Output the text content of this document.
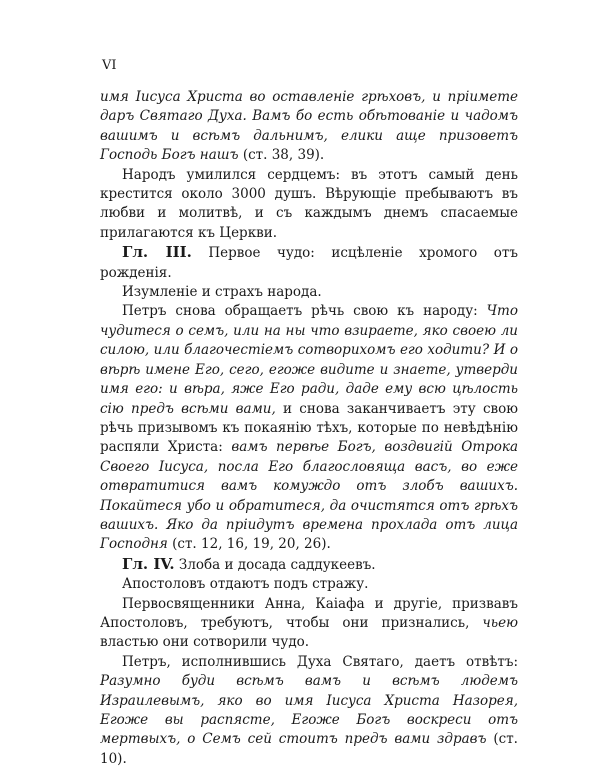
VI

имя Іисуса Христа во оставленіе грѣховъ, и пріимете даръ Святаго Духа. Вамъ бо есть обѣтованіе и чадомъ вашимъ и всѣмъ дальнимъ, елики аще призоветъ Господь Богъ нашъ (ст. 38, 39).

Народъ умилился сердцемъ: въ этотъ самый день крестится около 3000 душъ. Вѣрующіе пребываютъ въ любви и молитвѣ, и съ каждымъ днемъ спасаемые прилагаются къ Церкви.

Гл. III. Первое чудо: исцѣленіе хромого отъ рожденія.

Изумленіе и страхъ народа.

Петръ снова обращаетъ рѣчь свою къ народу: Что чудитеся о семъ, или на ны что взираете, яко своею ли силою, или благочестіемъ сотворихомъ его ходити? И о вѣрѣ имене Его, сего, егоже видите и знаете, утверди имя его: и вѣра, яже Его ради, даде ему всю цѣлость сію предъ всѣми вами, и снова заканчиваетъ эту свою рѣчь призывомъ къ покаянію тѣхъ, которые по невѣдѣнію распяли Христа: вамъ первѣе Богъ, воздвигій Отрока Своего Іисуса, посла Его благословяща васъ, во еже отвратитися вамъ комуждо отъ злобъ вашихъ. Покайтеся убо и обратитеся, да очистятся отъ грѣхъ вашихъ. Яко да пріидутъ времена прохлада отъ лица Господня (ст. 12, 16, 19, 20, 26).

Гл. IV. Злоба и досада саддукеевъ.

Апостоловъ отдаютъ подъ стражу.

Первосвященники Анна, Каіафа и другіе, призвавъ Апостоловъ, требуютъ, чтобы они признались, чьею властью они сотворили чудо.

Петръ, исполнившись Духа Святаго, даетъ отвѣтъ: Разумно буди всѣмъ вамъ и всѣмъ людемъ Израилевымъ, яко во имя Іисуса Христа Назорея, Егоже вы распясте, Егоже Богъ воскреси отъ мертвыхъ, о Семъ сей стоитъ предъ вами здравъ (ст. 10).
